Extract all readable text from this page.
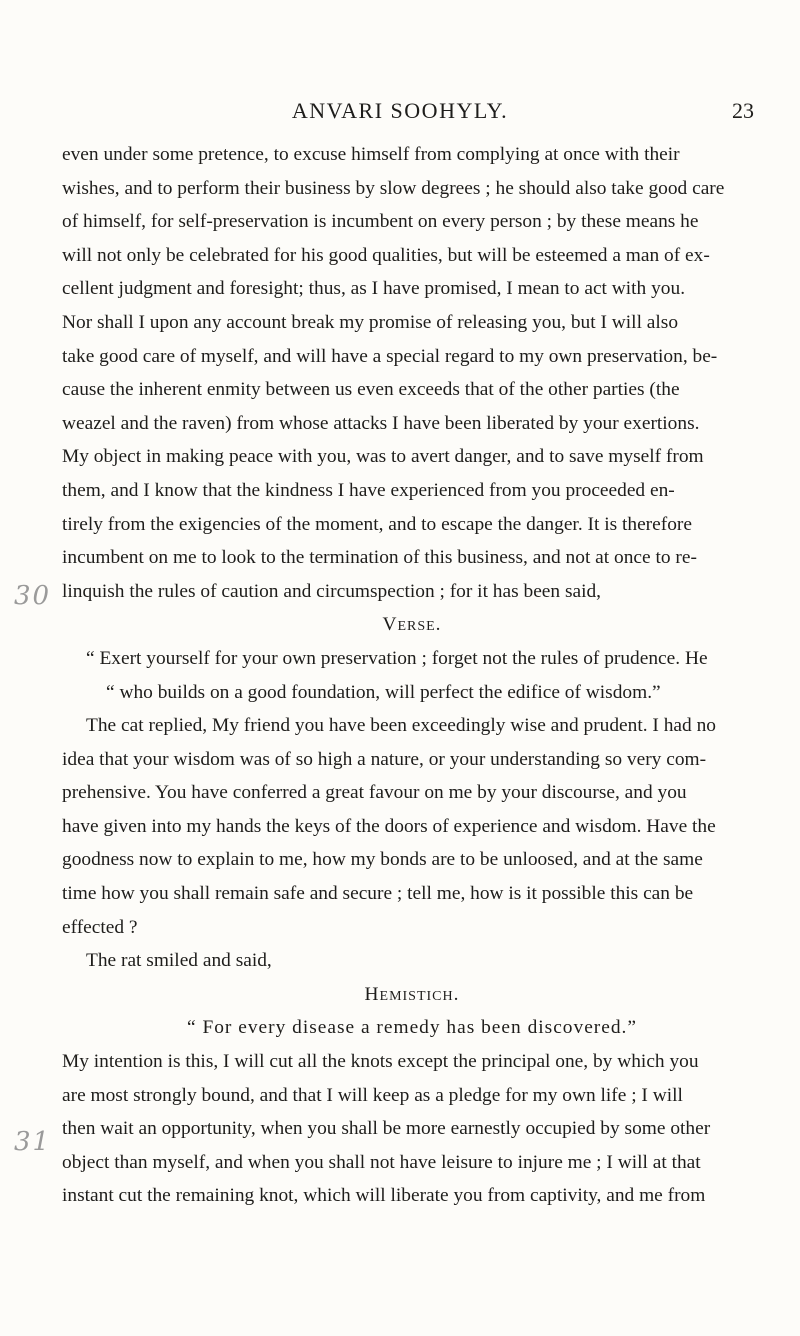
ANVARI SOOHYLY.	23
30
31

even under some pretence, to excuse himself from complying at once with their

wishes, and to perform their business by slow degrees ; he should also take good care

of himself, for self-preservation is incumbent on every person ; by these means he

will not only be celebrated for his good qualities, but will be esteemed a man of ex-

cellent judgment and foresight; thus, as I have promised, I mean to act with you.

Nor shall I upon any account break my promise of releasing you, but I will also

take good care of myself, and will have a special regard to my own preservation, be-

cause the inherent enmity between us even exceeds that of the other parties (the

weazel and the raven) from whose attacks I have been liberated by your exertions.

My object in making peace with you, was to avert danger, and to save myself from

them, and I know that the kindness I have experienced from you proceeded en-

tirely from the exigencies of the moment, and to escape the danger. It is therefore

incumbent on me to look to the termination of this business, and not at once to re-

linquish the rules of caution and circumspection ; for it has been said,

Verse.

“ Exert yourself for your own preservation ; forget not the rules of prudence. He

“ who builds on a good foundation, will perfect the edifice of wisdom.”

The cat replied, My friend you have been exceedingly wise and prudent. I had no

idea that your wisdom was of so high a nature, or your understanding so very com-

prehensive. You have conferred a great favour on me by your discourse, and you

have given into my hands the keys of the doors of experience and wisdom. Have the

goodness now to explain to me, how my bonds are to be unloosed, and at the same

time how you shall remain safe and secure ; tell me, how is it possible this can be

effected ?

The rat smiled and said,

Hemistich.

“ For every disease a remedy has been discovered.”

My intention is this, I will cut all the knots except the principal one, by which you

are most strongly bound, and that I will keep as a pledge for my own life ; I will

then wait an opportunity, when you shall be more earnestly occupied by some other

object than myself, and when you shall not have leisure to injure me ; I will at that

instant cut the remaining knot, which will liberate you from captivity, and me from
